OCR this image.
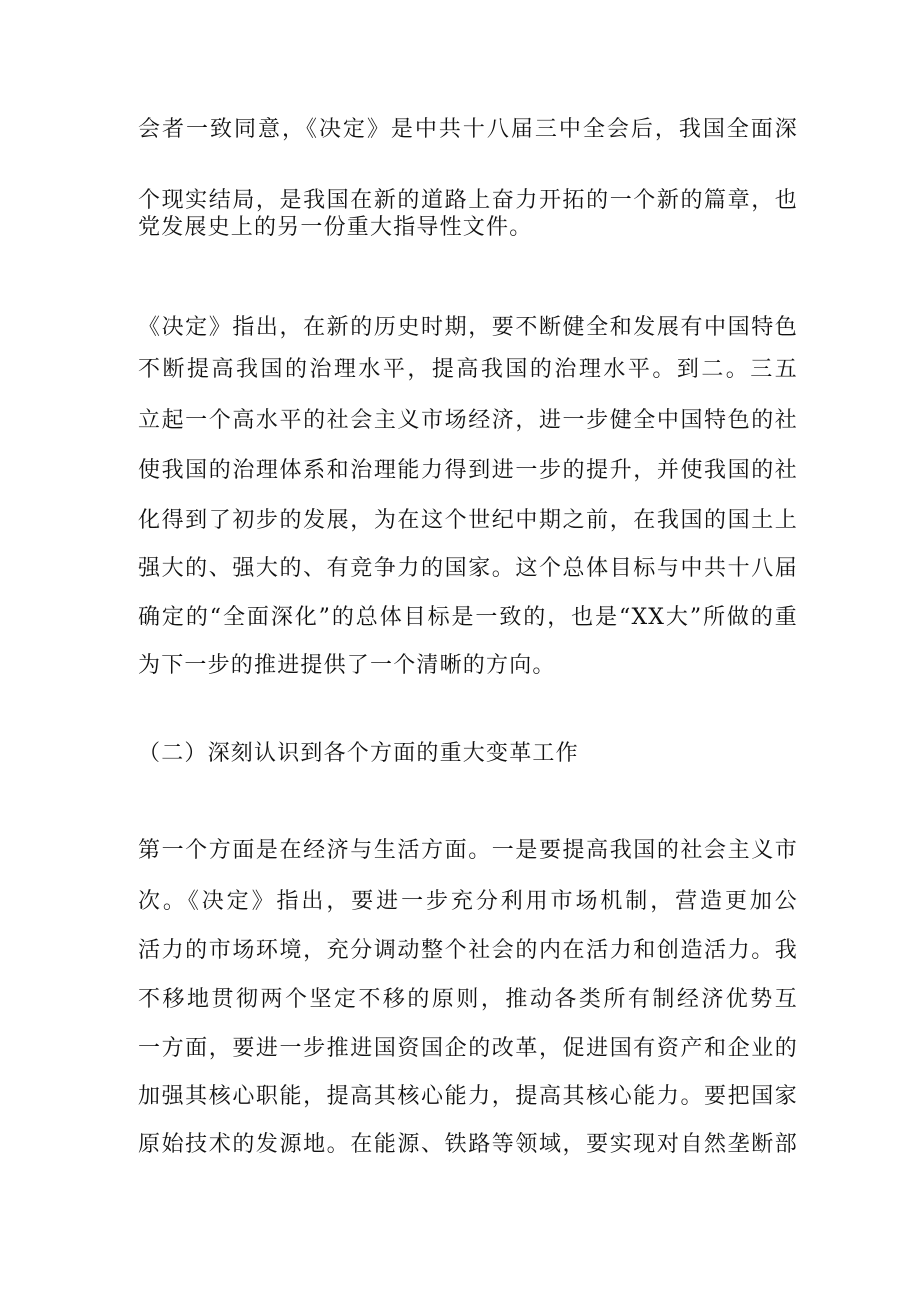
会者一致同意，《决定》是中共十八届三中全会后，我国全面深
个现实结局，是我国在新的道路上奋力开拓的一个新的篇章，也
党发展史上的另一份重大指导性文件。
《决定》指出，在新的历史时期，要不断健全和发展有中国特色
不断提高我国的治理水平，提高我国的治理水平。到二。三五
立起一个高水平的社会主义市场经济，进一步健全中国特色的社
使我国的治理体系和治理能力得到进一步的提升，并使我国的社
化得到了初步的发展，为在这个世纪中期之前，在我国的国土上
强大的、强大的、有竞争力的国家。这个总体目标与中共十八届
确定的“全面深化”的总体目标是一致的，也是“XX大”所做的重
为下一步的推进提供了一个清晰的方向。
（二）深刻认识到各个方面的重大变革工作
第一个方面是在经济与生活方面。一是要提高我国的社会主义市
次。《决定》指出，要进一步充分利用市场机制，营造更加公
活力的市场环境，充分调动整个社会的内在活力和创造活力。我
不移地贯彻两个坚定不移的原则，推动各类所有制经济优势互
一方面，要进一步推进国资国企的改革，促进国有资产和企业的
加强其核心职能，提高其核心能力，提高其核心能力。要把国家
原始技术的发源地。在能源、铁路等领域，要实现对自然垄断部
